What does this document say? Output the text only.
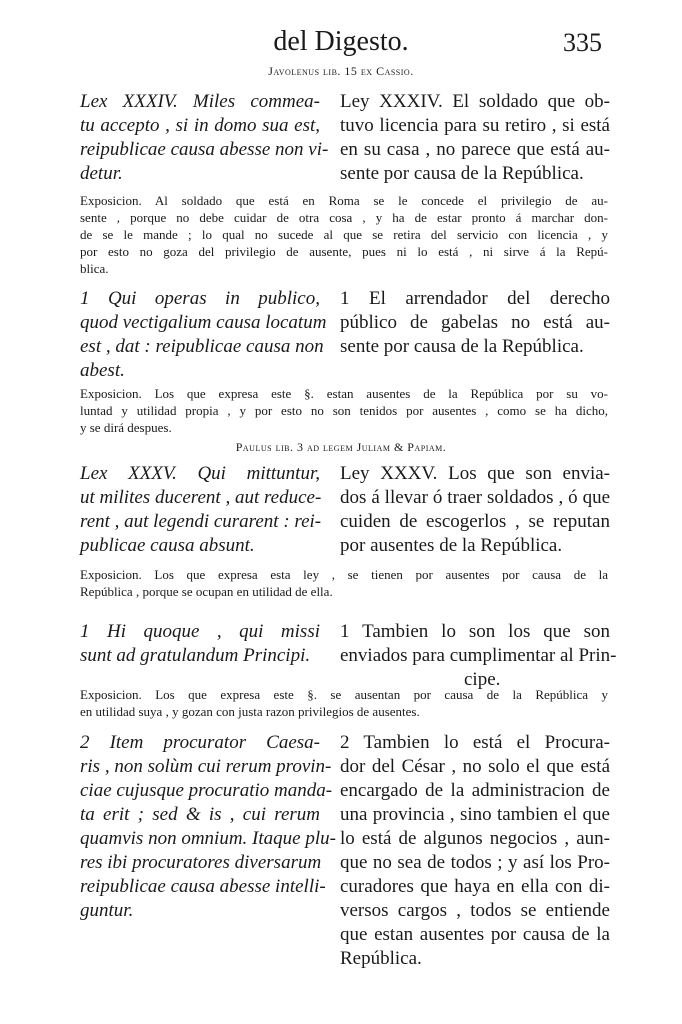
del Digesto.	335
Javolenus lib. 15 ex Cassio.
Lex XXXIV. Miles commea-
tu accepto , si in domo sua est,
reipublicae causa abesse non vi-
detur.
Ley XXXIV. El soldado que ob-
tuvo licencia para su retiro , si está
en su casa , no parece que está au-
sente por causa de la República.
Exposicion. Al soldado que está en Roma se le concede el privilegio de au-
sente , porque no debe cuidar de otra cosa , y ha de estar pronto á marchar don-
de se le mande ; lo qual no sucede al que se retira del servicio con licencia , y
por esto no goza del privilegio de ausente, pues ni lo está , ni sirve á la Repú-
blica.
1 Qui operas in publico,
quod vectigalium causa locatum
est , dat : reipublicae causa non
abest.
1 El arrendador del derecho
público de gabelas no está au-
sente por causa de la República.
Exposicion. Los que expresa este §. estan ausentes de la República por su vo-
luntad y utilidad propia , y por esto no son tenidos por ausentes , como se ha dicho,
y se dirá despues.
Paulus lib. 3 ad legem Juliam & Papiam.
Lex XXXV. Qui mittuntur,
ut milites ducerent , aut reduce-
rent , aut legendi curarent : rei-
publicae causa absunt.
Ley XXXV. Los que son envia-
dos á llevar ó traer soldados , ó que
cuiden de escogerlos , se reputan
por ausentes de la República.
Exposicion. Los que expresa esta ley , se tienen por ausentes por causa de la
República , porque se ocupan en utilidad de ella.
1 Hi quoque , qui missi
sunt ad gratulandum Principi.
1 Tambien lo son los que son
enviados para cumplimentar al Prin-
cipe.
Exposicion. Los que expresa este §. se ausentan por causa de la República y
en utilidad suya , y gozan con justa razon privilegios de ausentes.
2 Item procurator Caesa-
ris , non solùm cui rerum provin-
ciae cujusque procuratio manda-
ta erit ; sed & is , cui rerum
quamvis non omnium. Itaque plu-
res ibi procuratores diversarum
reipublicae causa abesse intelli-
guntur.
2 Tambien lo está el Procura-
dor del César , no solo el que está
encargado de la administracion de
una provincia , sino tambien el que
lo está de algunos negocios , aun-
que no sea de todos ; y así los Pro-
curadores que haya en ella con di-
versos cargos , todos se entiende
que estan ausentes por causa de la
República.
